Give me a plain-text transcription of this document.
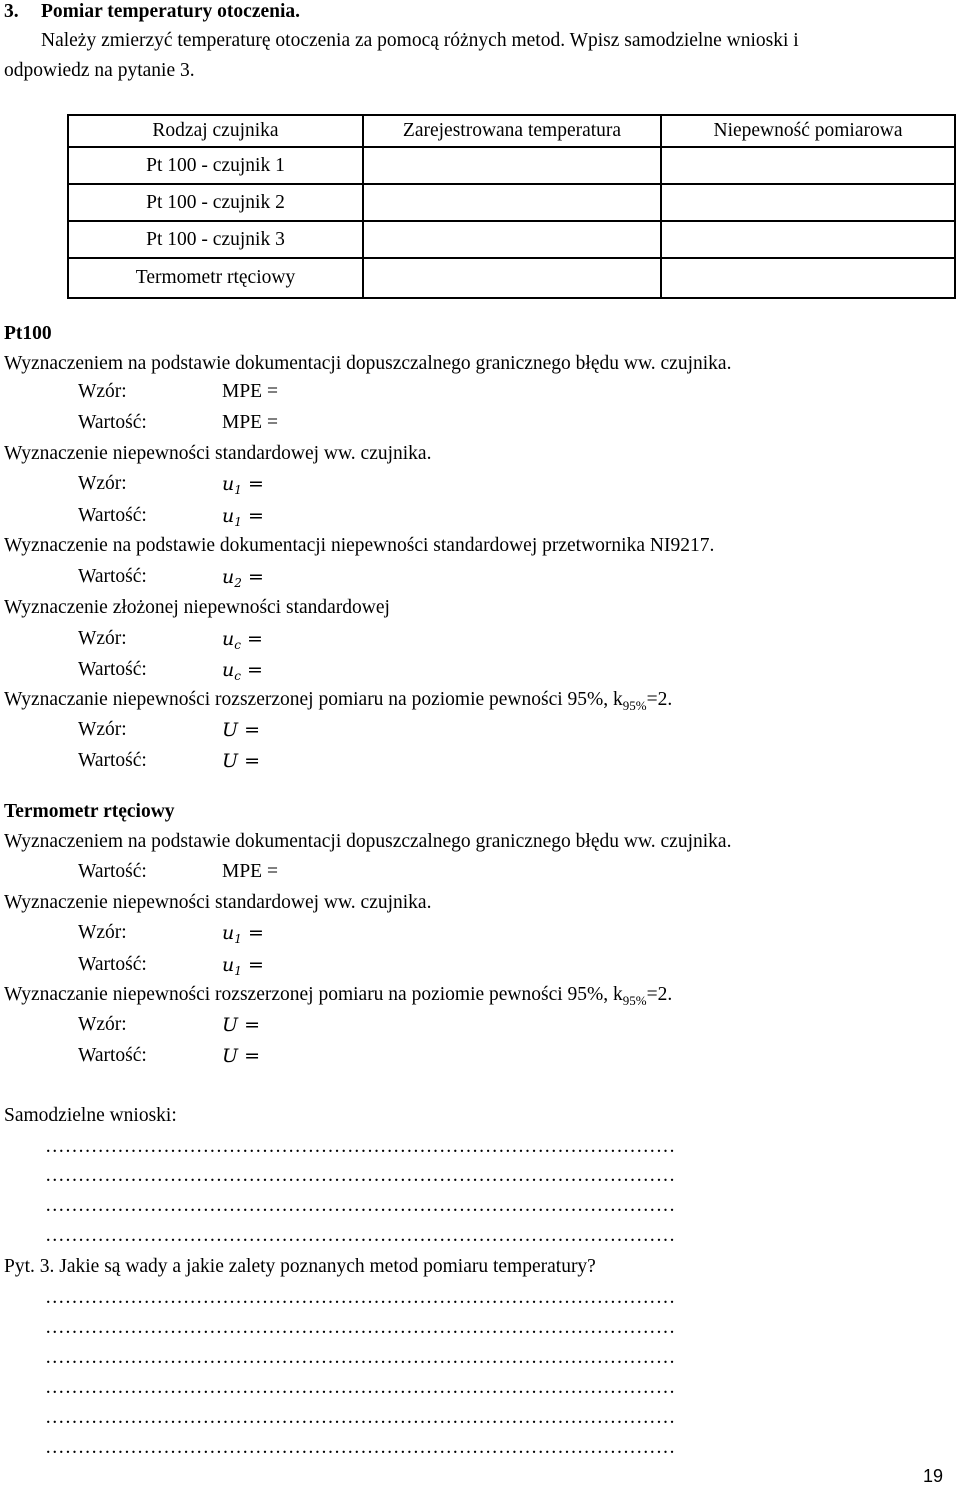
3. Pomiar temperatury otoczenia.
Należy zmierzyć temperaturę otoczenia za pomocą różnych metod. Wpisz samodzielne wnioski i
odpowiedz na pytanie 3.
Rodzaj czujnika	Zarejestrowana temperatura	Niepewność pomiarowa
Pt 100 - czujnik 1		
Pt 100 - czujnik 2		
Pt 100 - czujnik 3		
Termometr rtęciowy		
Pt100
Wyznaczeniem na podstawie dokumentacji dopuszczalnego granicznego błędu ww. czujnika.
Wzór:	MPE =
Wartość:	MPE =
Wyznaczenie niepewności standardowej ww. czujnika.
Wzór:	$u_1$ =
Wartość:	$u_1$ =
Wyznaczenie na podstawie dokumentacji niepewności standardowej przetwornika NI9217.
Wartość:	$u_2$ =
Wyznaczenie złożonej niepewności standardowej
Wzór:	$u_c$ =
Wartość:	$u_c$ =
Wyznaczanie niepewności rozszerzonej pomiaru na poziomie pewności 95%, $k_{95\%}=2$.
Wzór:	U =
Wartość:	U =
Termometr rtęciowy
Wyznaczeniem na podstawie dokumentacji dopuszczalnego granicznego błędu ww. czujnika.
Wartość:	MPE =
Wyznaczenie niepewności standardowej ww. czujnika.
Wzór:	$u_1$ =
Wartość:	$u_1$ =
Wyznaczanie niepewności rozszerzonej pomiaru na poziomie pewności 95%, $k_{95\%}=2$.
Wzór:	U =
Wartość:	U =
Samodzielne wnioski:
……………………………………………………………………………………
……………………………………………………………………………………
……………………………………………………………………………………
……………………………………………………………………………………
Pyt. 3. Jakie są wady a jakie zalety poznanych metod pomiaru temperatury?
……………………………………………………………………………………
……………………………………………………………………………………
……………………………………………………………………………………
……………………………………………………………………………………
……………………………………………………………………………………
……………………………………………………………………………………
19
